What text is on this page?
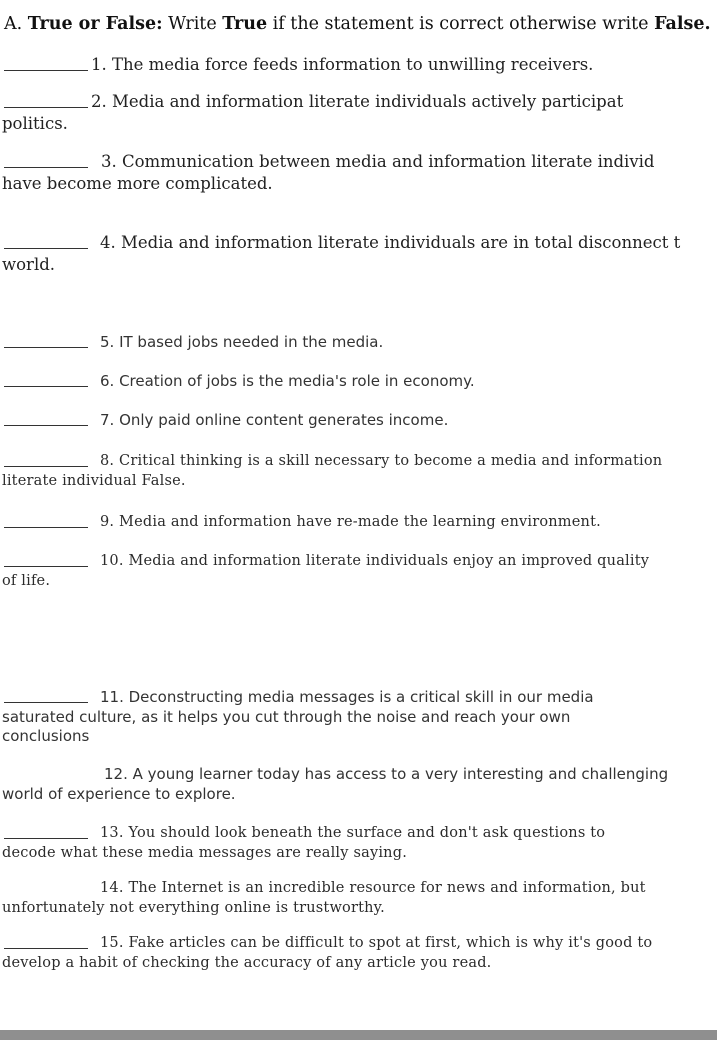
A. True or False: Write True if the statement is correct otherwise write False.
1. The media force feeds information to unwilling receivers.
2. Media and information literate individuals actively participat
politics.
3. Communication between media and information literate individ
have become more complicated.
4. Media and information literate individuals are in total disconnect t
world.
5. IT based jobs needed in the media.
6. Creation of jobs is the media's role in economy.
7. Only paid online content generates income.
8. Critical thinking is a skill necessary to become a media and information
literate individual False.
9. Media and information have re-made the learning environment.
10. Media and information literate individuals enjoy an improved quality
of life.
11. Deconstructing media messages is a critical skill in our media
saturated culture, as it helps you cut through the noise and reach your own
conclusions
12. A young learner today has access to a very interesting and challenging
world of experience to explore.
13. You should look beneath the surface and don't ask questions to
decode what these media messages are really saying.
14. The Internet is an incredible resource for news and information, but
unfortunately not everything online is trustworthy.
15. Fake articles can be difficult to spot at first, which is why it's good to
develop a habit of checking the accuracy of any article you read.
